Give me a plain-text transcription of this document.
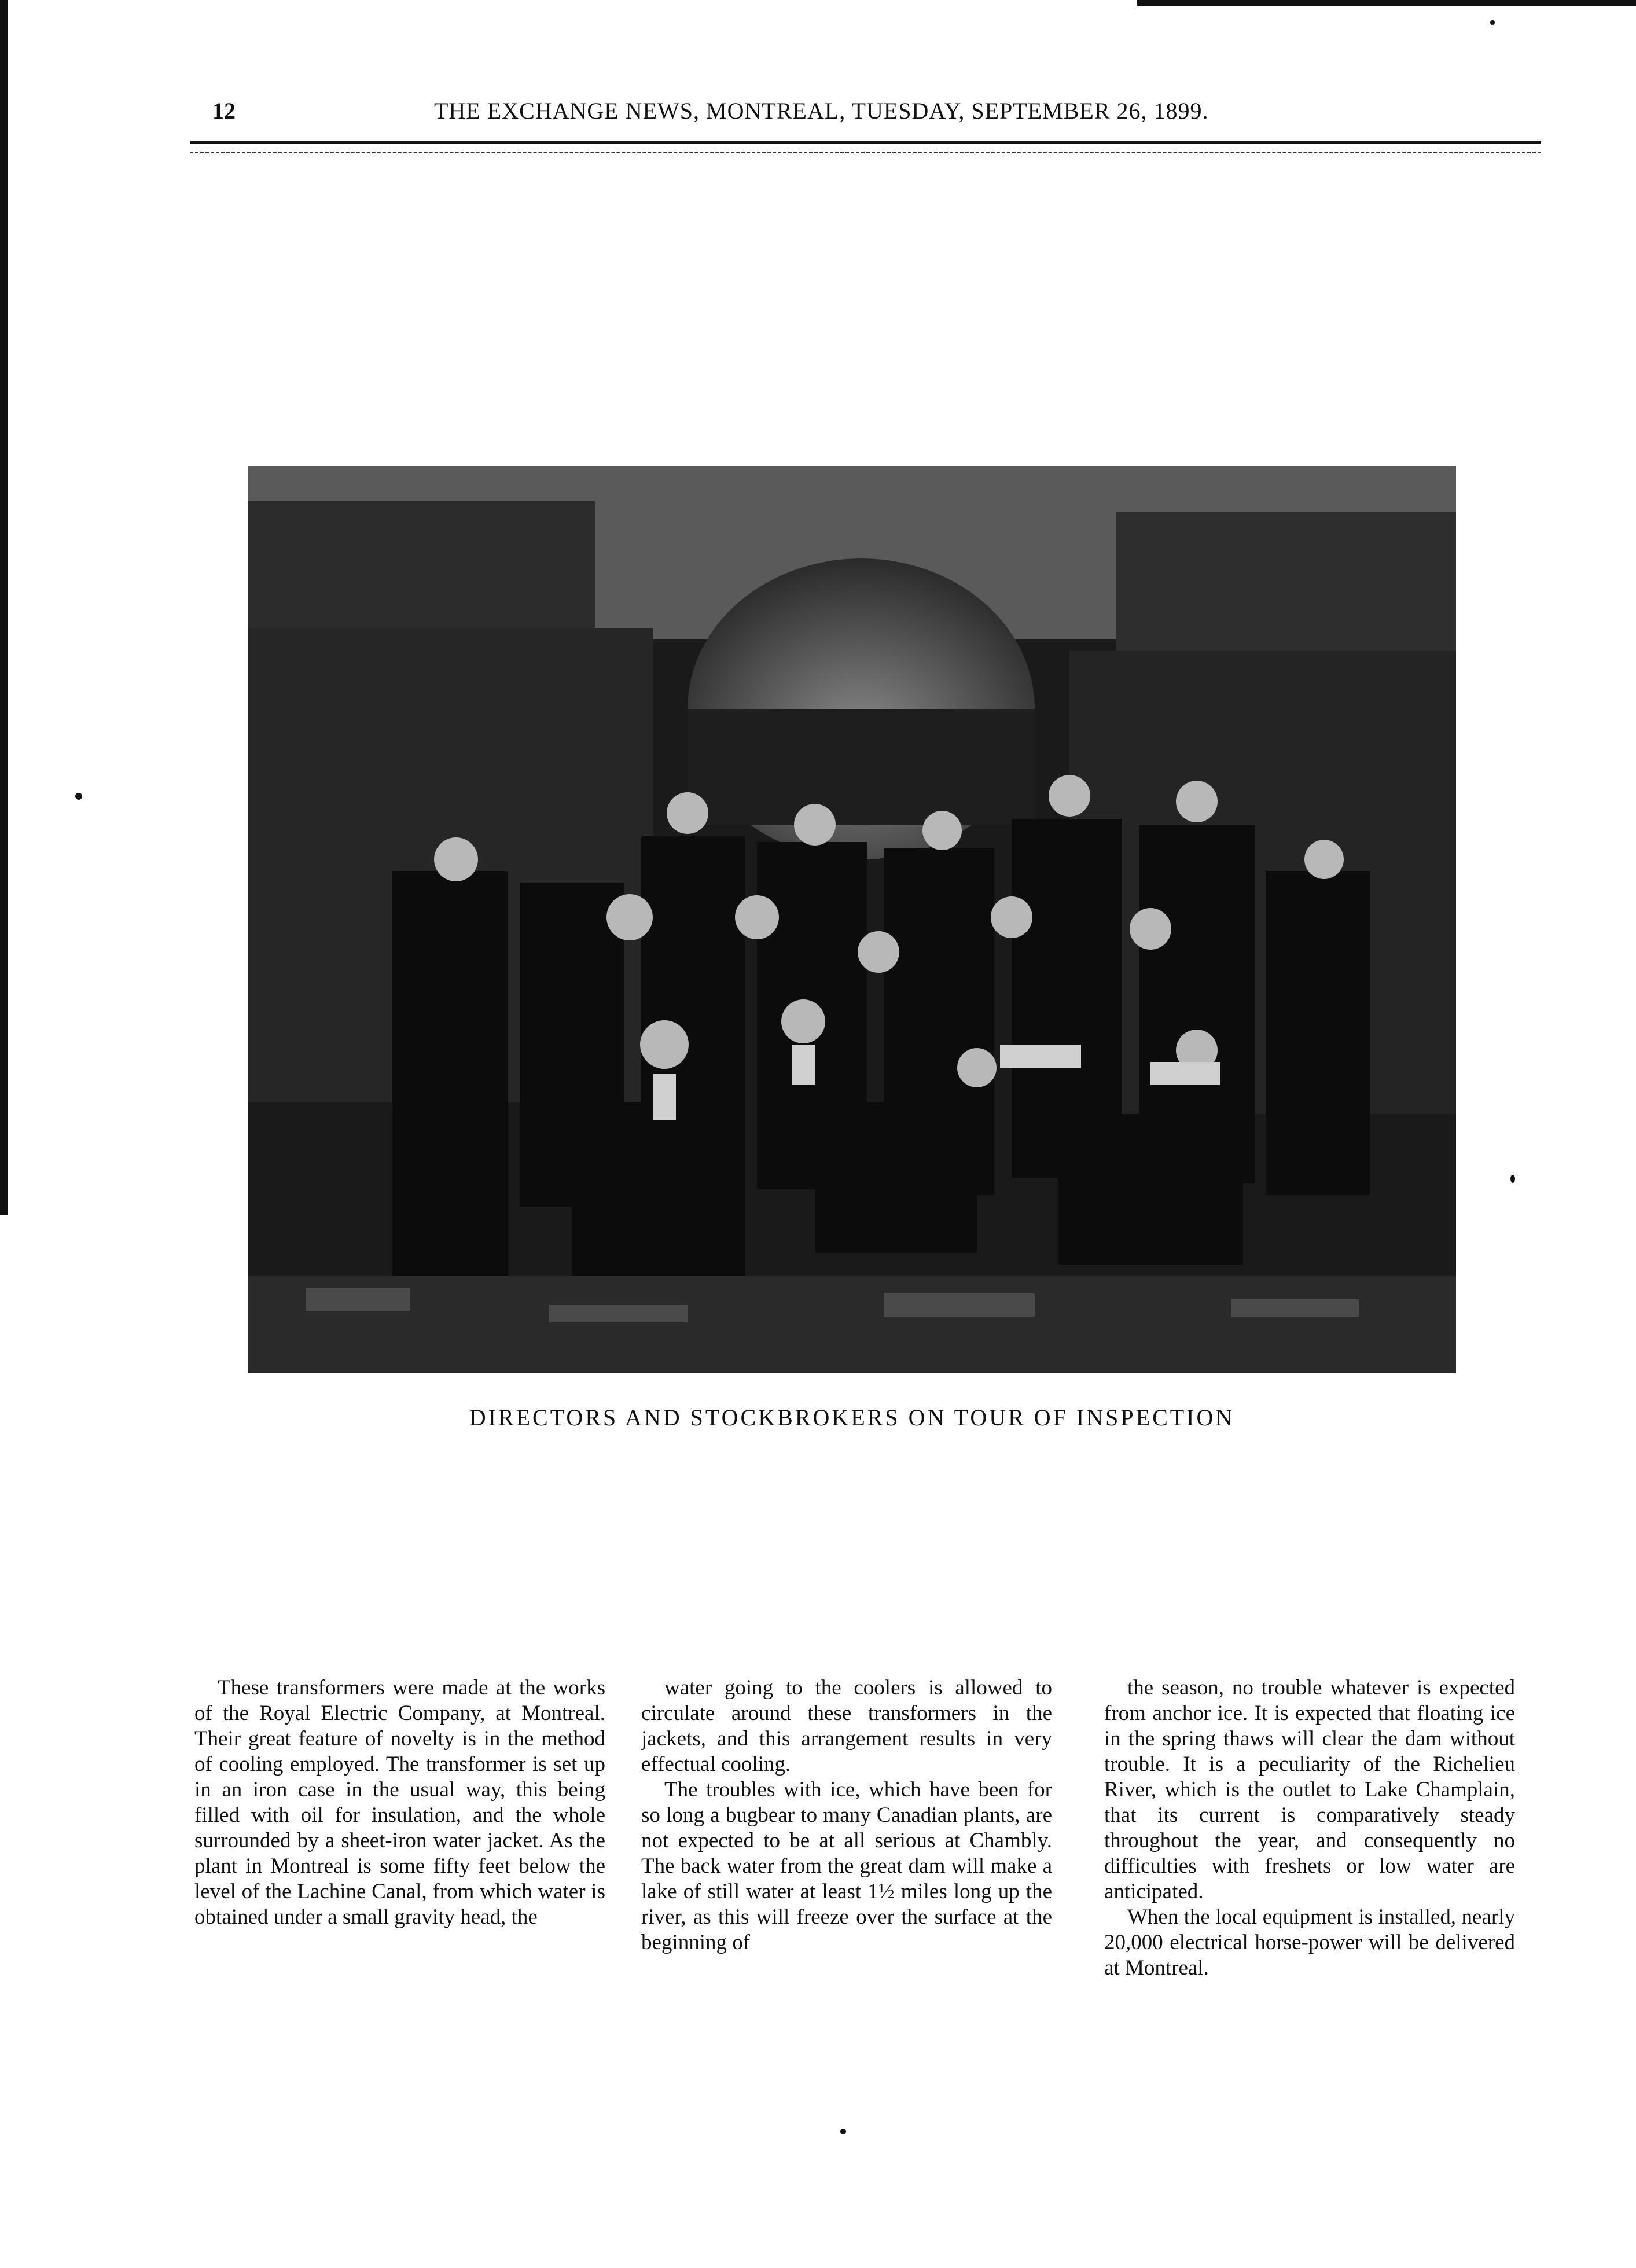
12	THE EXCHANGE NEWS, MONTREAL, TUESDAY, SEPTEMBER 26, 1899.
DIRECTORS AND STOCKBROKERS ON TOUR OF INSPECTION

These transformers were made at the works of the Royal Electric Company, at Montreal. Their great feature of novelty is in the method of cooling employed. The transformer is set up in an iron case in the usual way, this being filled with oil for insulation, and the whole surrounded by a sheet-iron water jacket. As the plant in Montreal is some fifty feet below the level of the Lachine Canal, from which water is obtained under a small gravity head, the

water going to the coolers is allowed to circulate around these transformers in the jackets, and this arrangement results in very effectual cooling.

The troubles with ice, which have been for so long a bugbear to many Canadian plants, are not expected to be at all serious at Chambly. The back water from the great dam will make a lake of still water at least 1½ miles long up the river, as this will freeze over the surface at the beginning of

the season, no trouble whatever is expected from anchor ice. It is expected that floating ice in the spring thaws will clear the dam without trouble. It is a peculiarity of the Richelieu River, which is the outlet to Lake Champlain, that its current is comparatively steady throughout the year, and consequently no difficulties with freshets or low water are anticipated.

When the local equipment is installed, nearly 20,000 electrical horse-power will be delivered at Montreal.
